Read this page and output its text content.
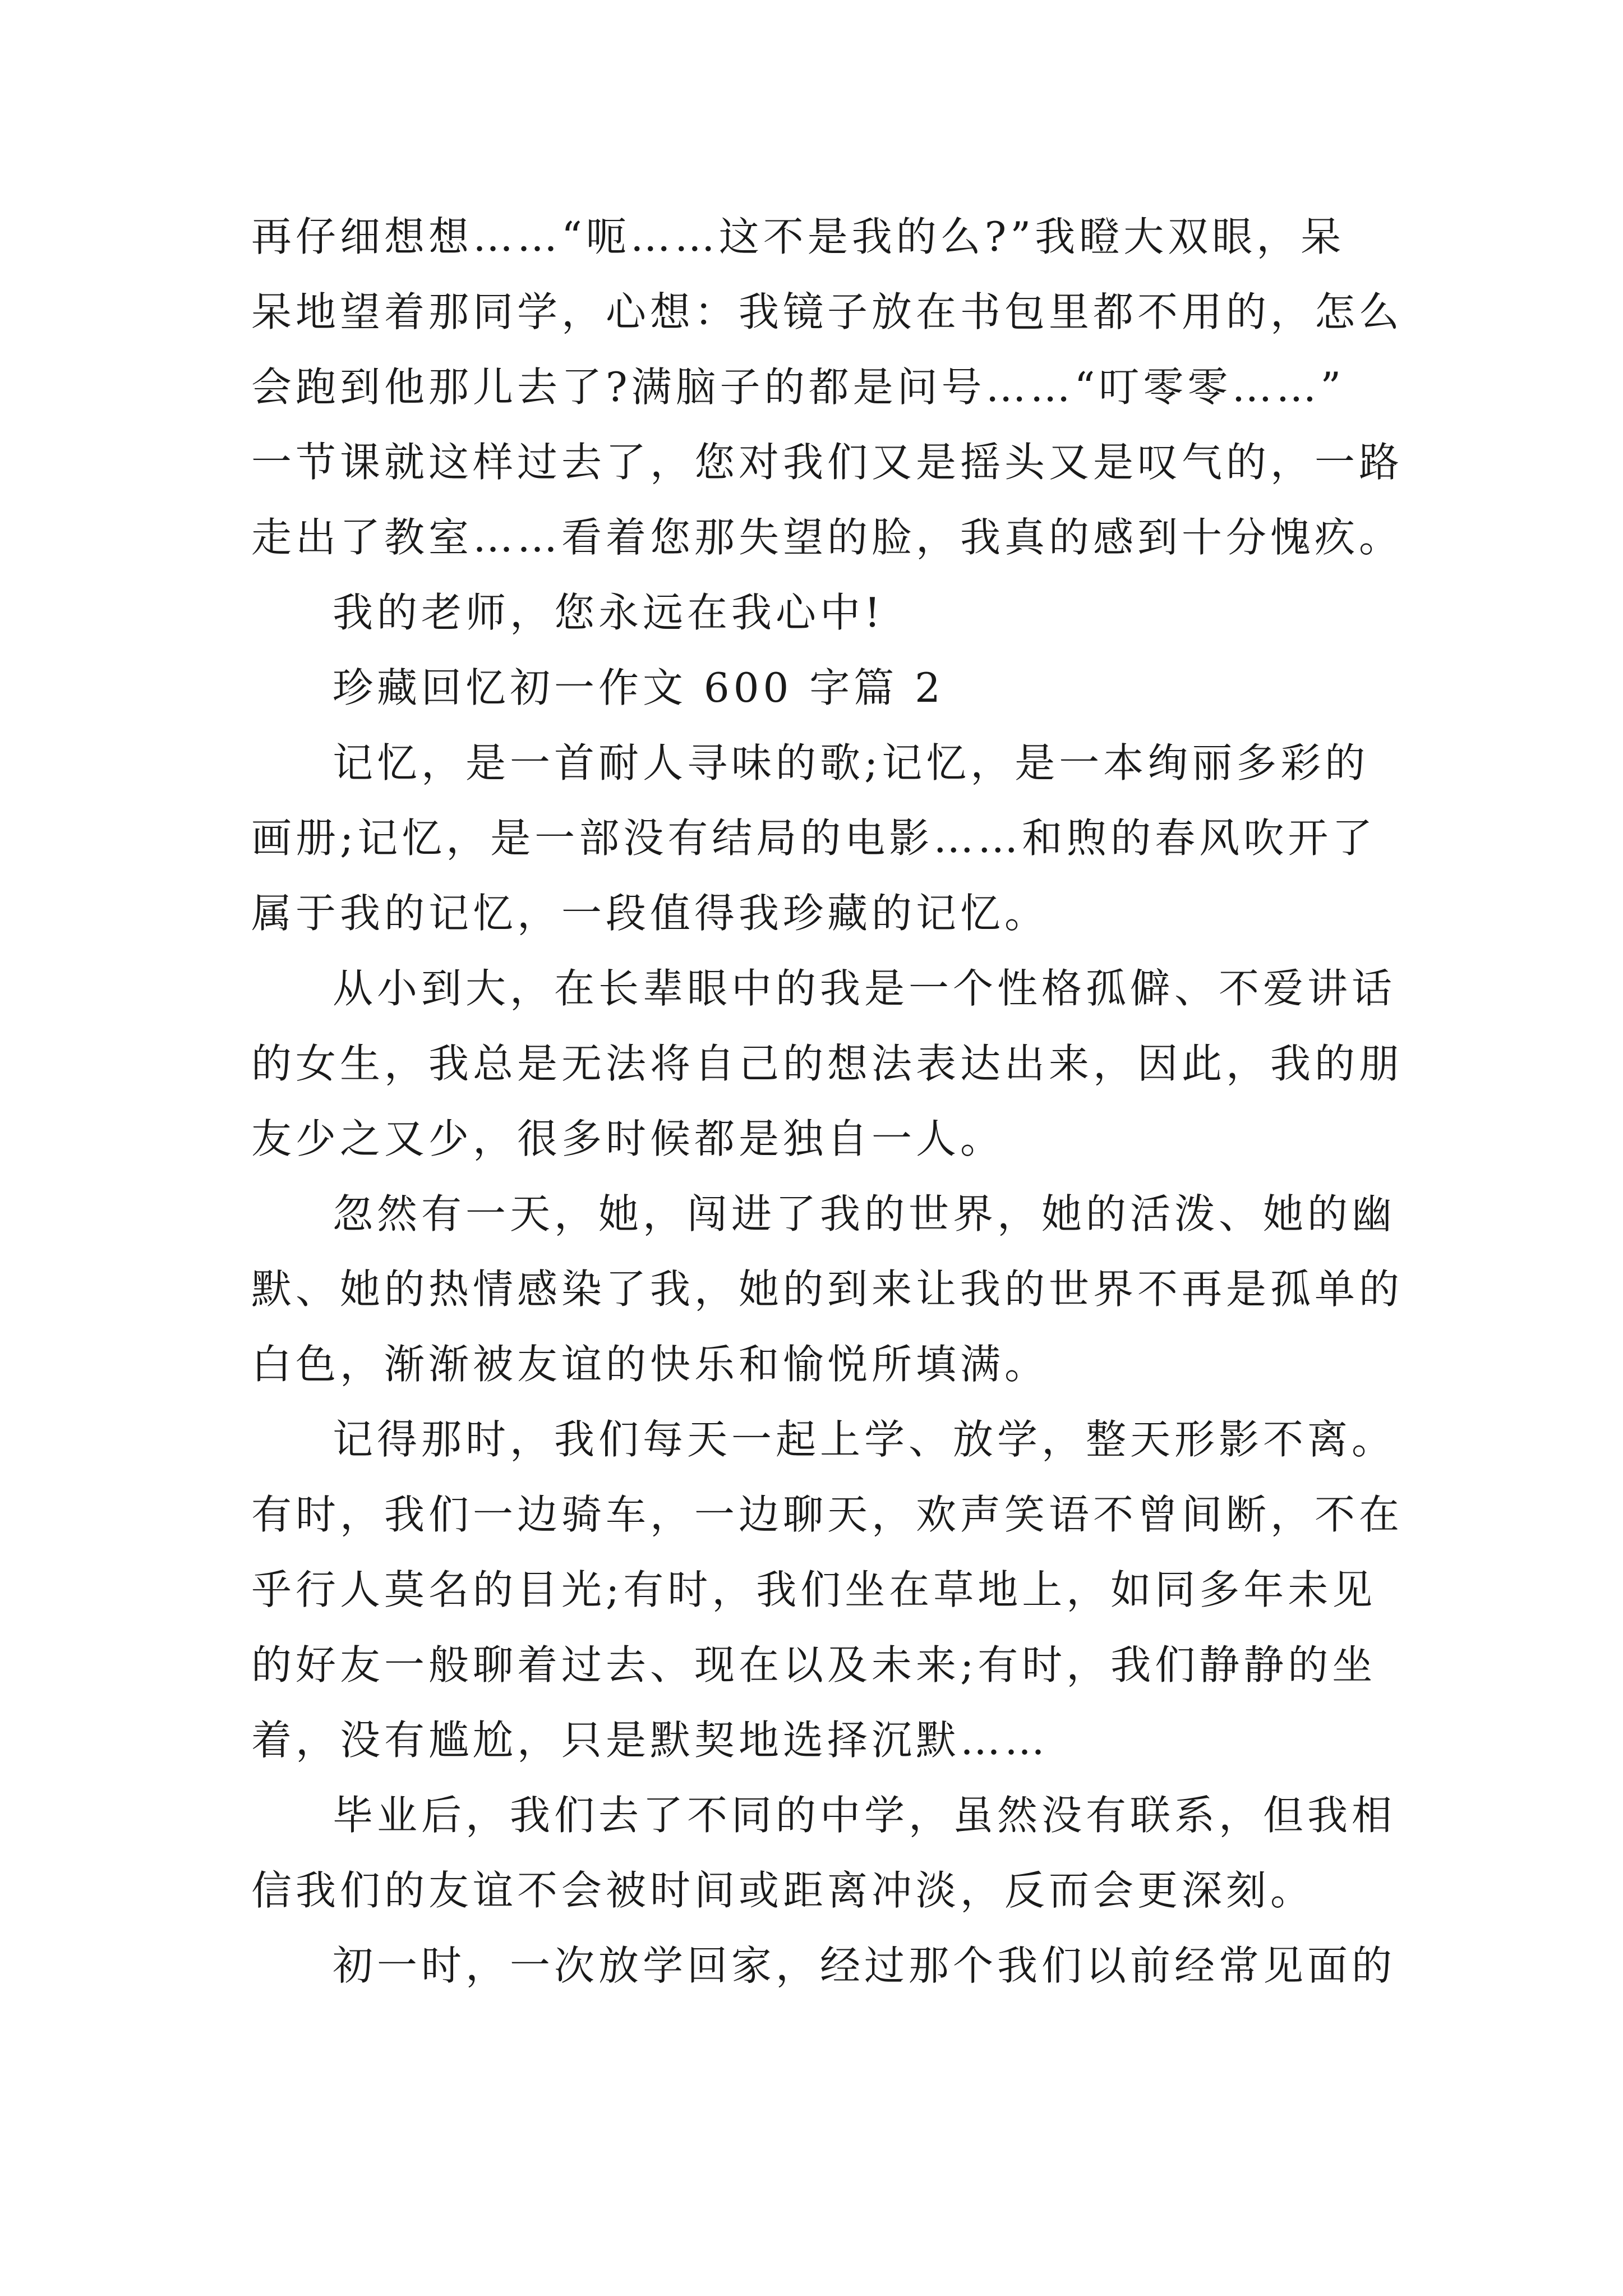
再仔细想想……“呃……这不是我的么?”我瞪大双眼，呆
呆地望着那同学，心想：我镜子放在书包里都不用的，怎么
会跑到他那儿去了?满脑子的都是问号……“叮零零……”
一节课就这样过去了，您对我们又是摇头又是叹气的，一路
走出了教室……看着您那失望的脸，我真的感到十分愧疚。
我的老师，您永远在我心中!
珍藏回忆初一作文 600 字篇 2
记忆，是一首耐人寻味的歌;记忆，是一本绚丽多彩的
画册;记忆，是一部没有结局的电影……和煦的春风吹开了
属于我的记忆，一段值得我珍藏的记忆。
从小到大，在长辈眼中的我是一个性格孤僻、不爱讲话
的女生，我总是无法将自己的想法表达出来，因此，我的朋
友少之又少，很多时候都是独自一人。
忽然有一天，她，闯进了我的世界，她的活泼、她的幽
默、她的热情感染了我，她的到来让我的世界不再是孤单的
白色，渐渐被友谊的快乐和愉悦所填满。
记得那时，我们每天一起上学、放学，整天形影不离。
有时，我们一边骑车，一边聊天，欢声笑语不曾间断，不在
乎行人莫名的目光;有时，我们坐在草地上，如同多年未见
的好友一般聊着过去、现在以及未来;有时，我们静静的坐
着，没有尴尬，只是默契地选择沉默……
毕业后，我们去了不同的中学，虽然没有联系，但我相
信我们的友谊不会被时间或距离冲淡，反而会更深刻。
初一时，一次放学回家，经过那个我们以前经常见面的
